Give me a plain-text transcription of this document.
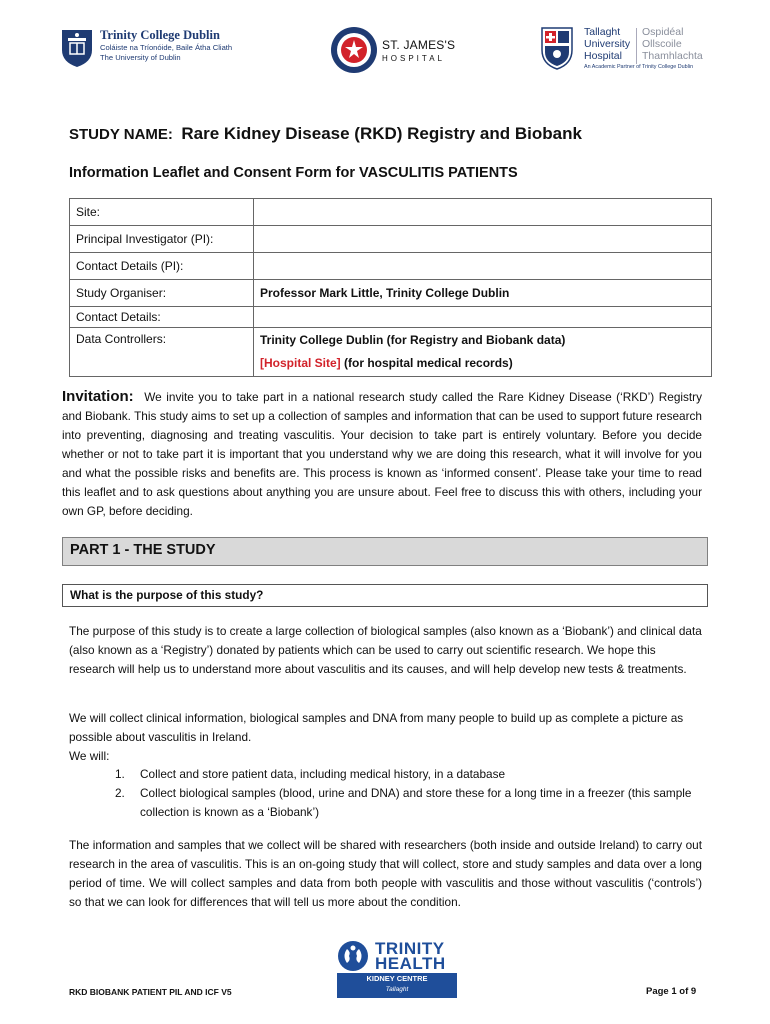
Trinity College Dublin
Coláiste na Tríonóide, Baile Átha Cliath
The University of Dublin
ST. JAMES'S
HOSPITAL
Tallaght
University
Hospital
Ospidéal
Ollscoile
Thamhlachta
An Academic Partner of Trinity College Dublin
STUDY NAME: Rare Kidney Disease (RKD) Registry and Biobank
Information Leaflet and Consent Form for VASCULITIS PATIENTS
Site:	
Principal Investigator (PI):	
Contact Details (PI):	
Study Organiser:	Professor Mark Little, Trinity College Dublin
Contact Details:	
Data Controllers:	Trinity College Dublin (for Registry and Biobank data)
[Hospital Site] (for hospital medical records)
Invitation: We invite you to take part in a national research study called the Rare Kidney Disease (‘RKD’) Registry and Biobank. This study aims to set up a collection of samples and information that can be used to support future research into preventing, diagnosing and treating vasculitis. Your decision to take part is entirely voluntary. Before you decide whether or not to take part it is important that you understand why we are doing this research, what it will involve for you and what the possible risks and benefits are. This process is known as ‘informed consent’. Please take your time to read this leaflet and to ask questions about anything you are unsure about. Feel free to discuss this with others, including your own GP, before deciding.
PART 1 - THE STUDY
What is the purpose of this study?
The purpose of this study is to create a large collection of biological samples (also known as a ‘Biobank’) and clinical data (also known as a ‘Registry’) donated by patients which can be used to carry out scientific research. We hope this research will help us to understand more about vasculitis and its causes, and will help develop new tests & treatments.
We will collect clinical information, biological samples and DNA from many people to build up as complete a picture as possible about vasculitis in Ireland.
We will:
1. Collect and store patient data, including medical history, in a database
2. Collect biological samples (blood, urine and DNA) and store these for a long time in a freezer (this sample collection is known as a ‘Biobank’)
The information and samples that we collect will be shared with researchers (both inside and outside Ireland) to carry out research in the area of vasculitis. This is an on-going study that will collect, store and study samples and data over a long period of time. We will collect samples and data from both people with vasculitis and those without vasculitis (‘controls’) so that we can look for differences that will tell us more about the condition.
TRINITY
HEALTH
KIDNEY CENTRE
Tallaght
RKD BIOBANK PATIENT PIL AND ICF V5	Page 1 of 9
